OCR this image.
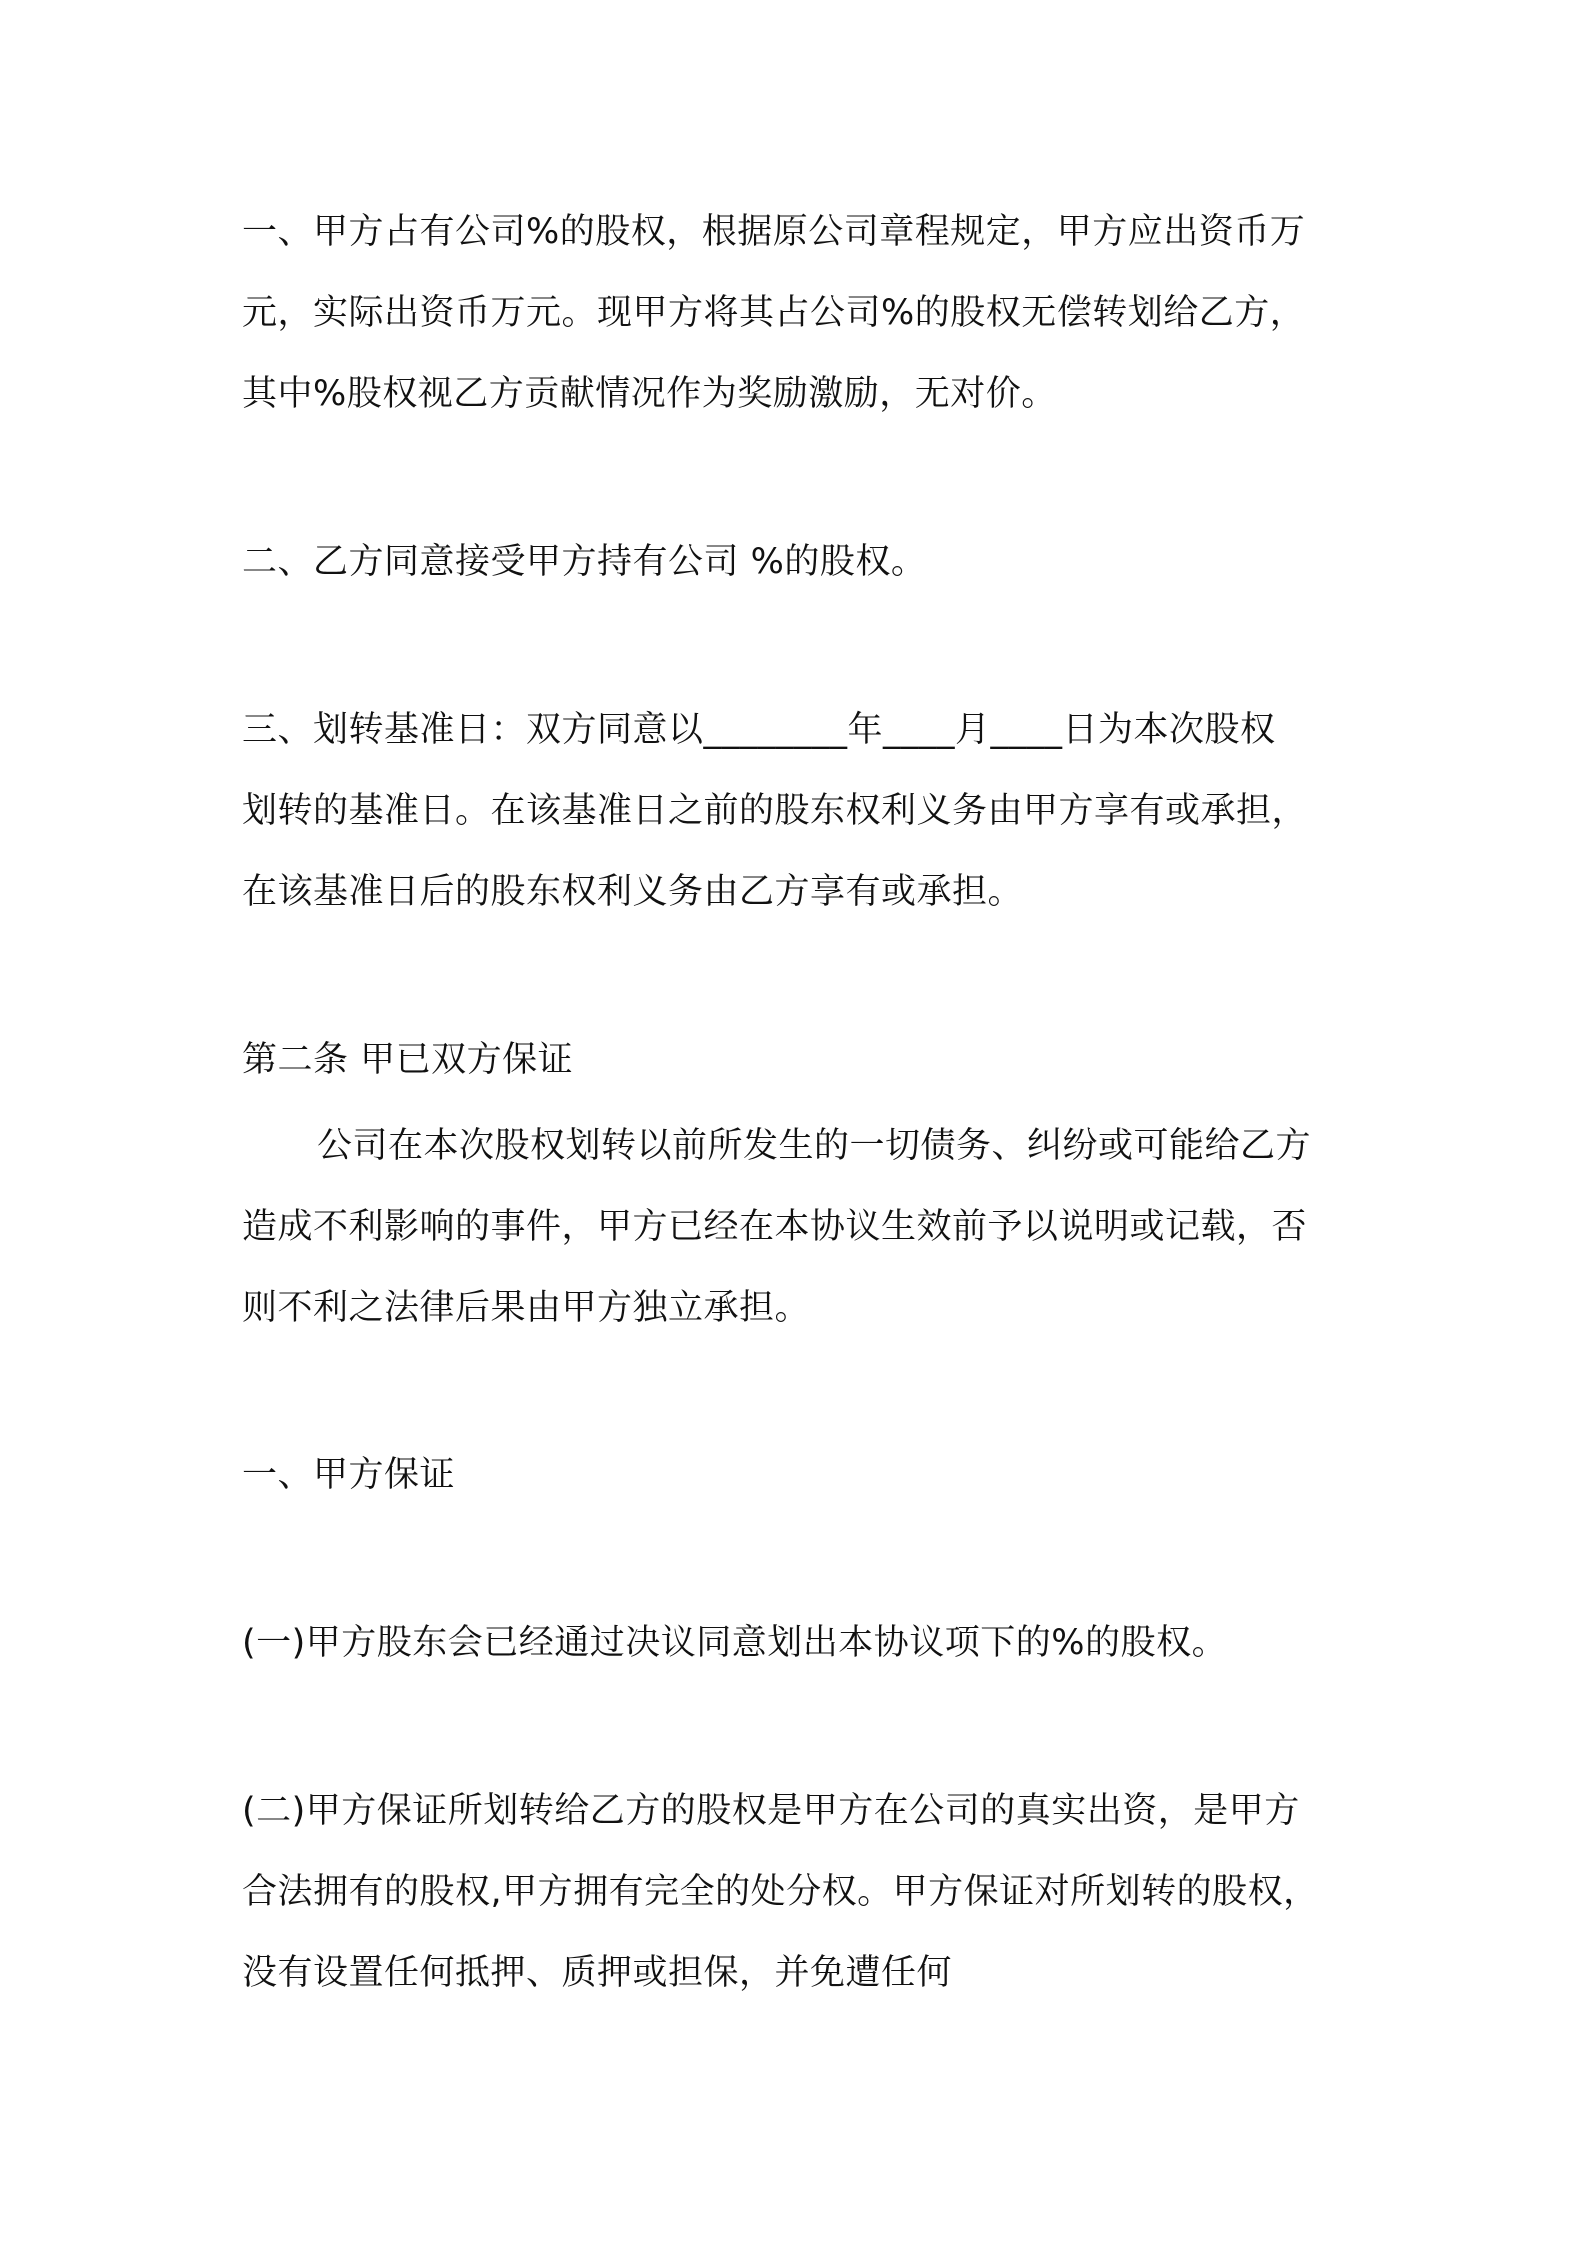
一、甲方占有公司%的股权，根据原公司章程规定，甲方应出资币万
元，实际出资币万元。现甲方将其占公司%的股权无偿转划给乙方，
其中%股权视乙方贡献情况作为奖励激励，无对价。
二、乙方同意接受甲方持有公司 %的股权。
三、划转基准日：双方同意以________年____月____日为本次股权
划转的基准日。在该基准日之前的股东权利义务由甲方享有或承担，
在该基准日后的股东权利义务由乙方享有或承担。
第二条 甲已双方保证
公司在本次股权划转以前所发生的一切债务、纠纷或可能给乙方
造成不利影响的事件，甲方已经在本协议生效前予以说明或记载，否
则不利之法律后果由甲方独立承担。
一、甲方保证
(一)甲方股东会已经通过决议同意划出本协议项下的%的股权。
(二)甲方保证所划转给乙方的股权是甲方在公司的真实出资，是甲方
合法拥有的股权,甲方拥有完全的处分权。甲方保证对所划转的股权，
没有设置任何抵押、质押或担保，并免遭任何
